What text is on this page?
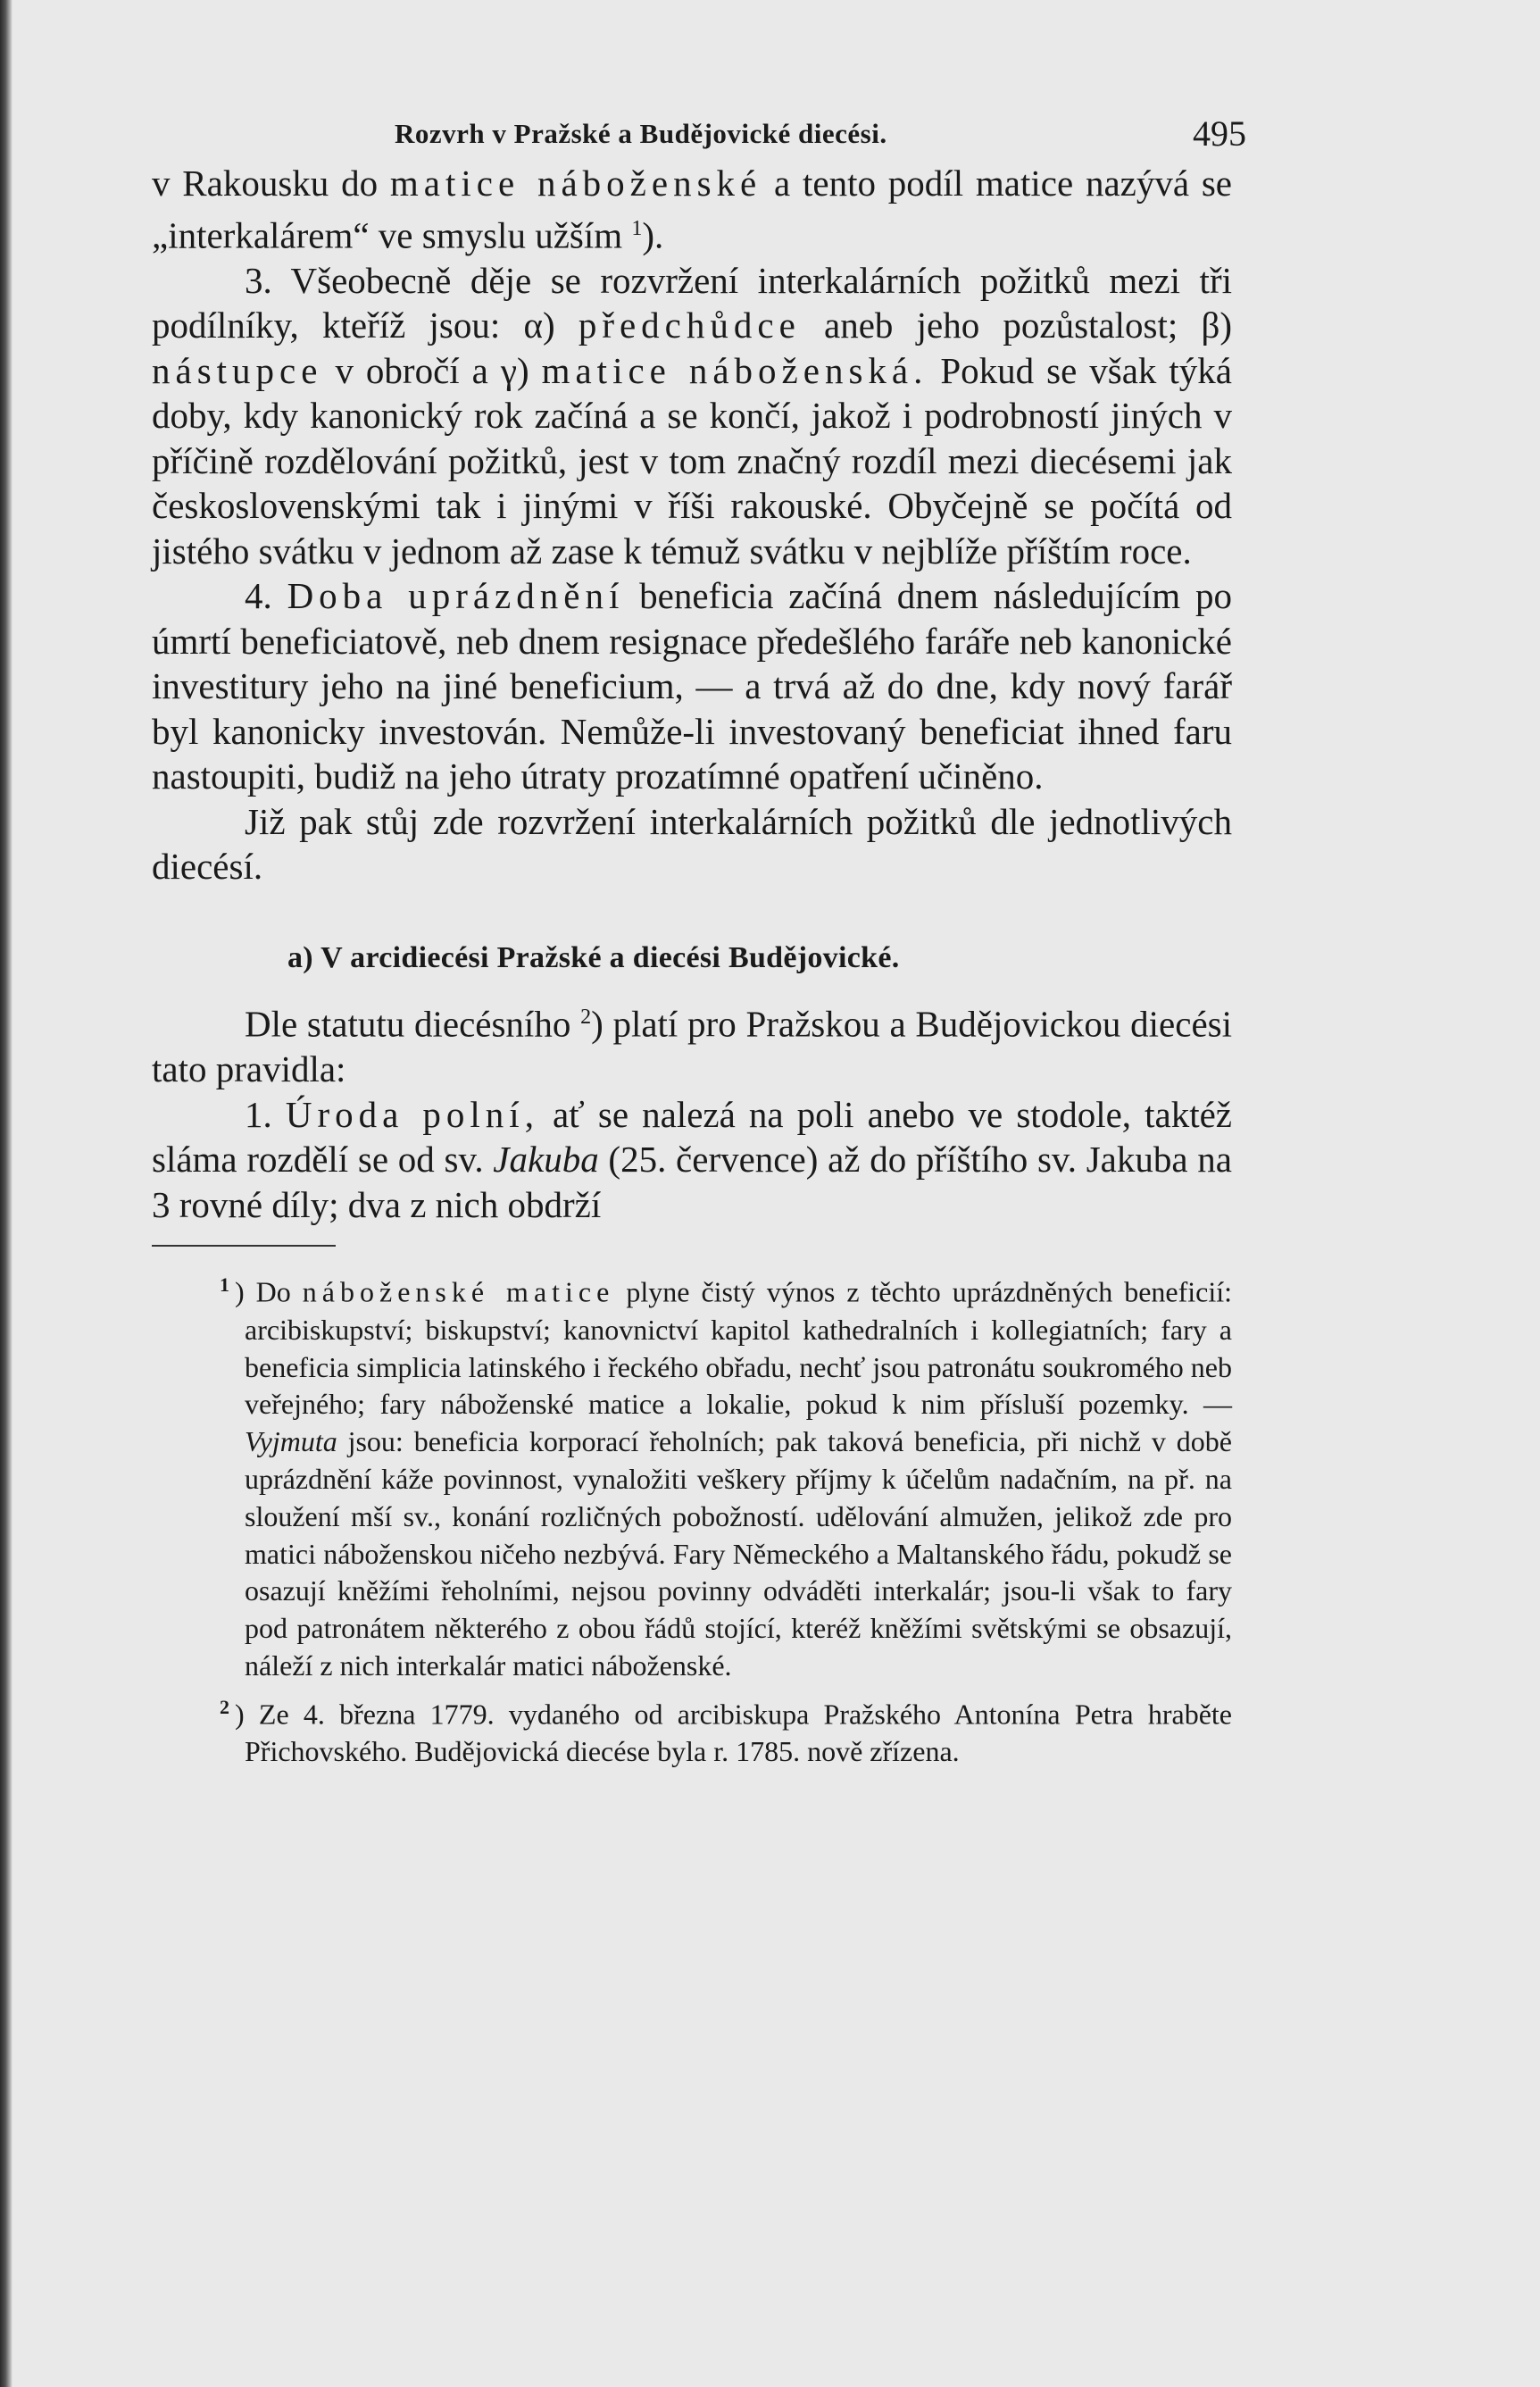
Rozvrh v Pražské a Budějovické diecési.	495

v Rakousku do matice náboženské a tento podíl matice nazývá se „interkalárem“ ve smyslu užším $^1$).

3. Všeobecně děje se rozvržení interkalárních požitků mezi tři podílníky, kteříž jsou: α) předchůdce aneb jeho pozůstalost; β) nástupce v obročí a γ) matice náboženská. Pokud se však týká doby, kdy kanonický rok začíná a se končí, jakož i podrobností jiných v příčině rozdělování požitků, jest v tom značný rozdíl mezi diecésemi jak československými tak i jinými v říši rakouské. Obyčejně se počítá od jistého svátku v jednom až zase k témuž svátku v nejblíže příštím roce.

4. Doba uprázdnění beneficia začíná dnem následujícím po úmrtí beneficiatově, neb dnem resignace předešlého faráře neb kanonické investitury jeho na jiné beneficium, — a trvá až do dne, kdy nový farář byl kanonicky investován. Nemůže-li investovaný beneficiat ihned faru nastoupiti, budiž na jeho útraty prozatímné opatření učiněno.

Již pak stůj zde rozvržení interkalárních požitků dle jednotlivých diecésí.

a) V arcidiecési Pražské a diecési Budějovické.

Dle statutu diecésního $^2$) platí pro Pražskou a Budějovickou diecési tato pravidla:

1. Úroda polní, ať se nalezá na poli anebo ve stodole, taktéž sláma rozdělí se od sv. Jakuba (25. července) až do příštího sv. Jakuba na 3 rovné díly; dva z nich obdrží

$^1$ ) Do náboženské matice plyne čistý výnos z těchto uprázdněných beneficií: arcibiskupství; biskupství; kanovnictví kapitol kathedralních i kollegiatních; fary a beneficia simplicia latinského i řeckého obřadu, nechť jsou patronátu soukromého neb veřejného; fary náboženské matice a lokalie, pokud k nim přísluší pozemky. — Vyjmuta jsou: beneficia korporací řeholních; pak taková beneficia, při nichž v době uprázdnění káže povinnost, vynaložiti veškery příjmy k účelům nadačním, na př. na sloužení mší sv., konání rozličných pobožností. udělování almužen, jelikož zde pro matici náboženskou ničeho nezbývá. Fary Německého a Maltanského řádu, pokudž se osazují kněžími řeholními, nejsou povinny odváděti interkalár; jsou-li však to fary pod patronátem některého z obou řádů stojící, kteréž kněžími světskými se obsazují, náleží z nich interkalár matici náboženské.

$^2$ ) Ze 4. března 1779. vydaného od arcibiskupa Pražského Antonína Petra hraběte Přichovského. Budějovická diecése byla r. 1785. nově zřízena.
